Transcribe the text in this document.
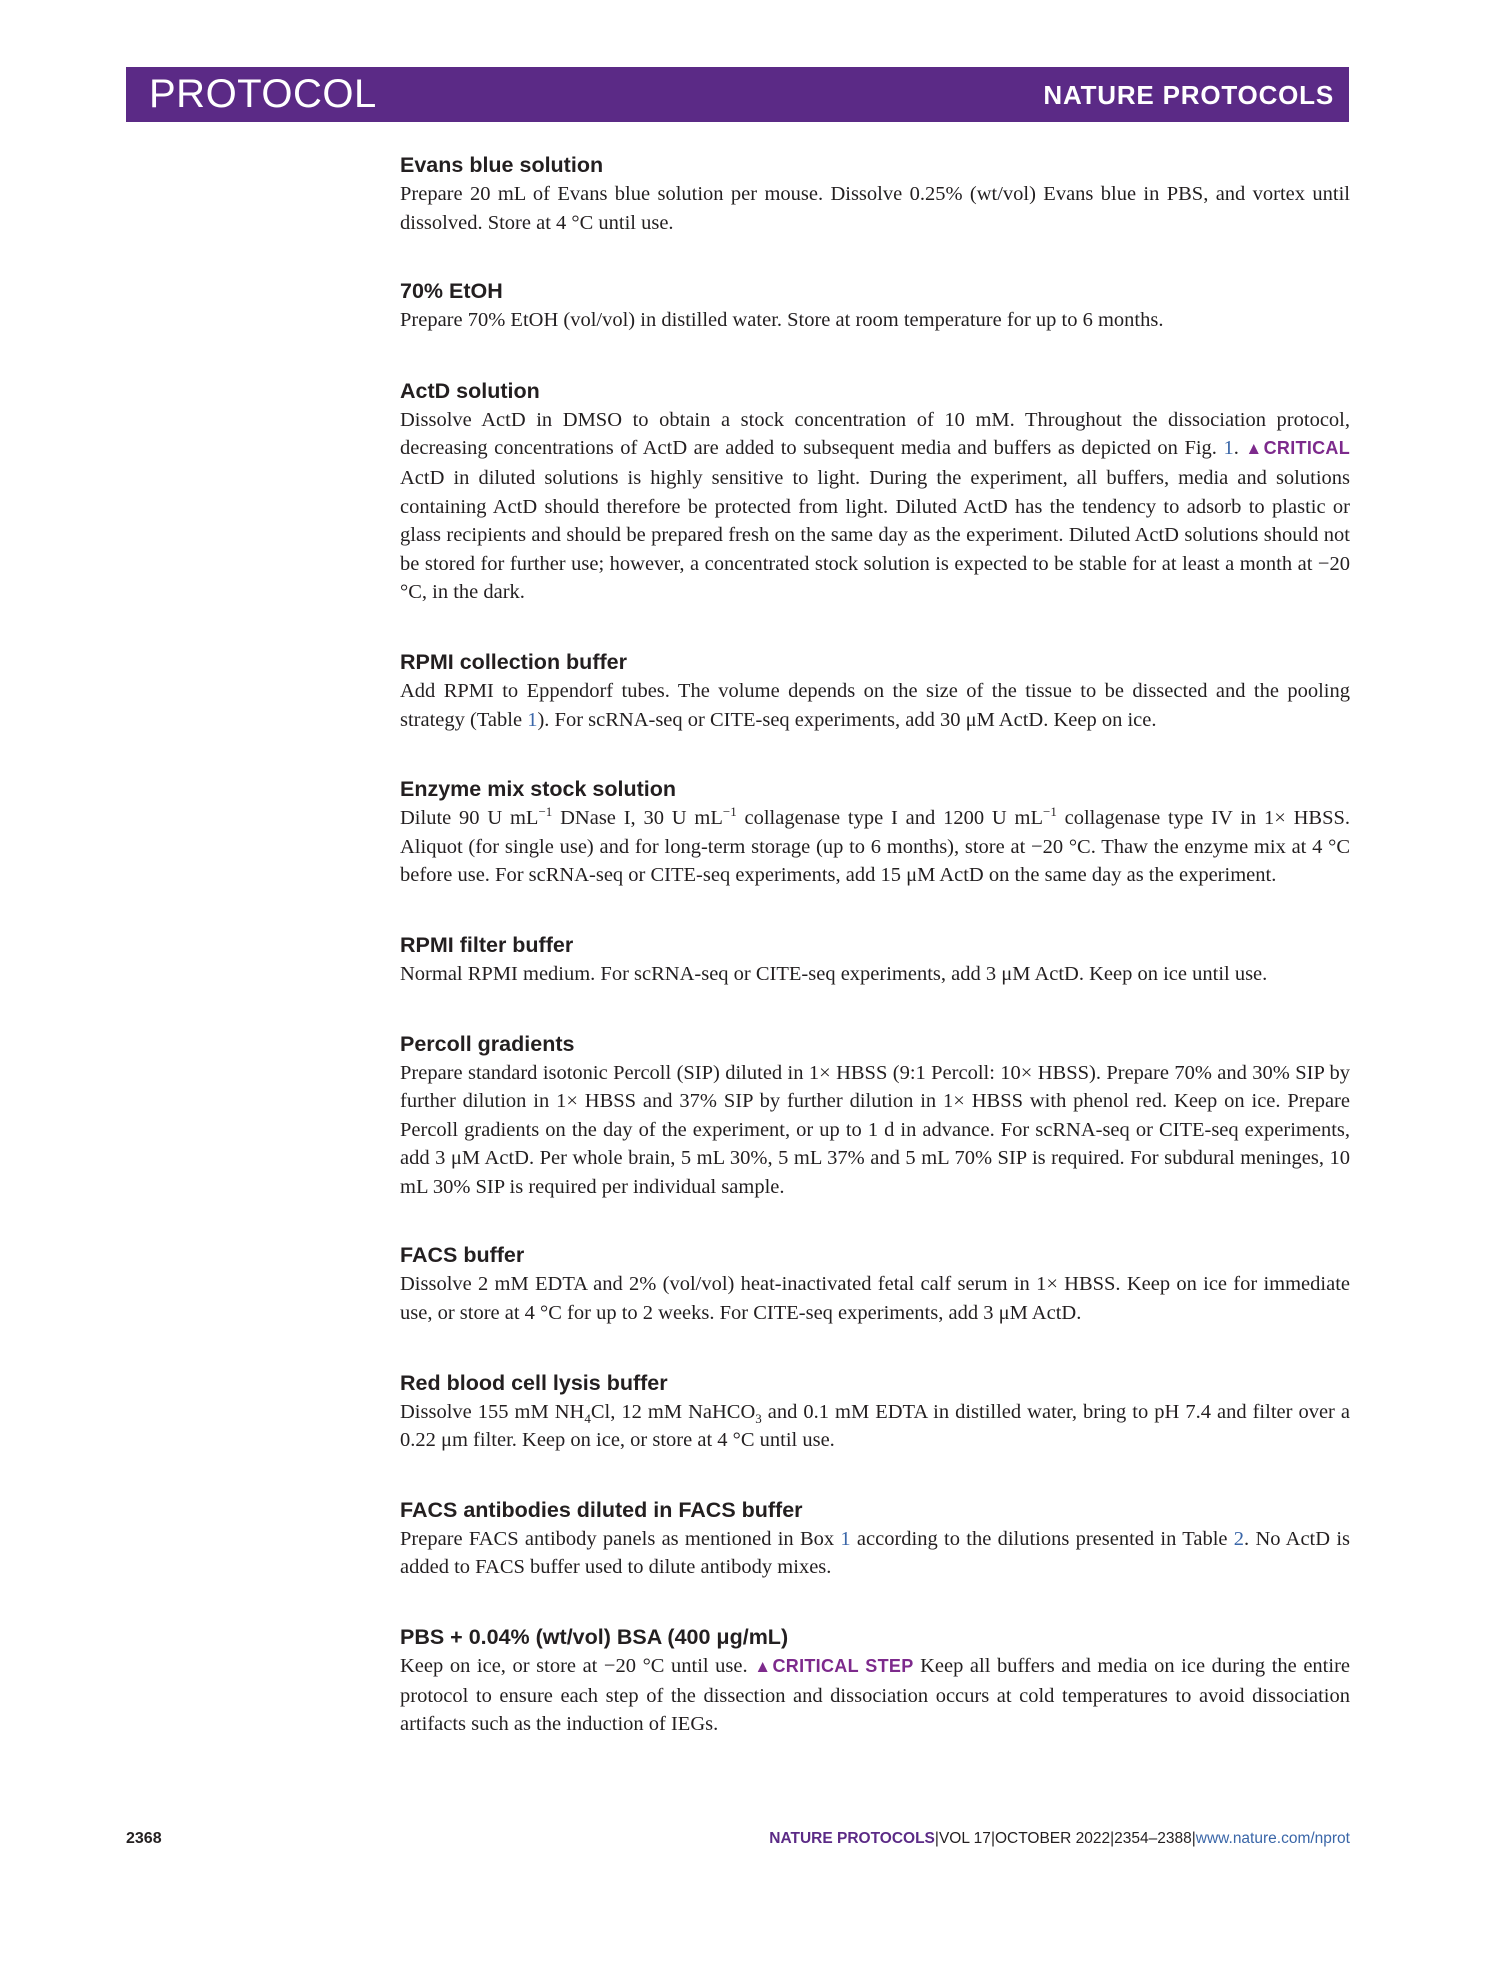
PROTOCOL	NATURE PROTOCOLS
Evans blue solution
Prepare 20 mL of Evans blue solution per mouse. Dissolve 0.25% (wt/vol) Evans blue in PBS, and vortex until dissolved. Store at 4 °C until use.
70% EtOH
Prepare 70% EtOH (vol/vol) in distilled water. Store at room temperature for up to 6 months.
ActD solution
Dissolve ActD in DMSO to obtain a stock concentration of 10 mM. Throughout the dissociation protocol, decreasing concentrations of ActD are added to subsequent media and buffers as depicted on Fig. 1. ▲CRITICAL ActD in diluted solutions is highly sensitive to light. During the experiment, all buffers, media and solutions containing ActD should therefore be protected from light. Diluted ActD has the tendency to adsorb to plastic or glass recipients and should be prepared fresh on the same day as the experiment. Diluted ActD solutions should not be stored for further use; however, a concentrated stock solution is expected to be stable for at least a month at −20 °C, in the dark.
RPMI collection buffer
Add RPMI to Eppendorf tubes. The volume depends on the size of the tissue to be dissected and the pooling strategy (Table 1). For scRNA-seq or CITE-seq experiments, add 30 μM ActD. Keep on ice.
Enzyme mix stock solution
Dilute 90 U $mL^{-1}$ DNase I, 30 U $mL^{-1}$ collagenase type I and 1200 U $mL^{-1}$ collagenase type IV in 1× HBSS. Aliquot (for single use) and for long-term storage (up to 6 months), store at −20 °C. Thaw the enzyme mix at 4 °C before use. For scRNA-seq or CITE-seq experiments, add 15 μM ActD on the same day as the experiment.
RPMI filter buffer
Normal RPMI medium. For scRNA-seq or CITE-seq experiments, add 3 μM ActD. Keep on ice until use.
Percoll gradients
Prepare standard isotonic Percoll (SIP) diluted in 1× HBSS (9:1 Percoll: 10× HBSS). Prepare 70% and 30% SIP by further dilution in 1× HBSS and 37% SIP by further dilution in 1× HBSS with phenol red. Keep on ice. Prepare Percoll gradients on the day of the experiment, or up to 1 d in advance. For scRNA-seq or CITE-seq experiments, add 3 μM ActD. Per whole brain, 5 mL 30%, 5 mL 37% and 5 mL 70% SIP is required. For subdural meninges, 10 mL 30% SIP is required per individual sample.
FACS buffer
Dissolve 2 mM EDTA and 2% (vol/vol) heat-inactivated fetal calf serum in 1× HBSS. Keep on ice for immediate use, or store at 4 °C for up to 2 weeks. For CITE-seq experiments, add 3 μM ActD.
Red blood cell lysis buffer
Dissolve 155 mM $NH_4Cl$, 12 mM NaHCO$_3$ and 0.1 mM EDTA in distilled water, bring to pH 7.4 and filter over a 0.22 μm filter. Keep on ice, or store at 4 °C until use.
FACS antibodies diluted in FACS buffer
Prepare FACS antibody panels as mentioned in Box 1 according to the dilutions presented in Table 2. No ActD is added to FACS buffer used to dilute antibody mixes.
PBS + 0.04% (wt/vol) BSA (400 μg/mL)
Keep on ice, or store at −20 °C until use. ▲CRITICAL STEP Keep all buffers and media on ice during the entire protocol to ensure each step of the dissection and dissociation occurs at cold temperatures to avoid dissociation artifacts such as the induction of IEGs.
2368	NATURE PROTOCOLS|VOL 17|OCTOBER 2022|2354–2388|www.nature.com/nprot
